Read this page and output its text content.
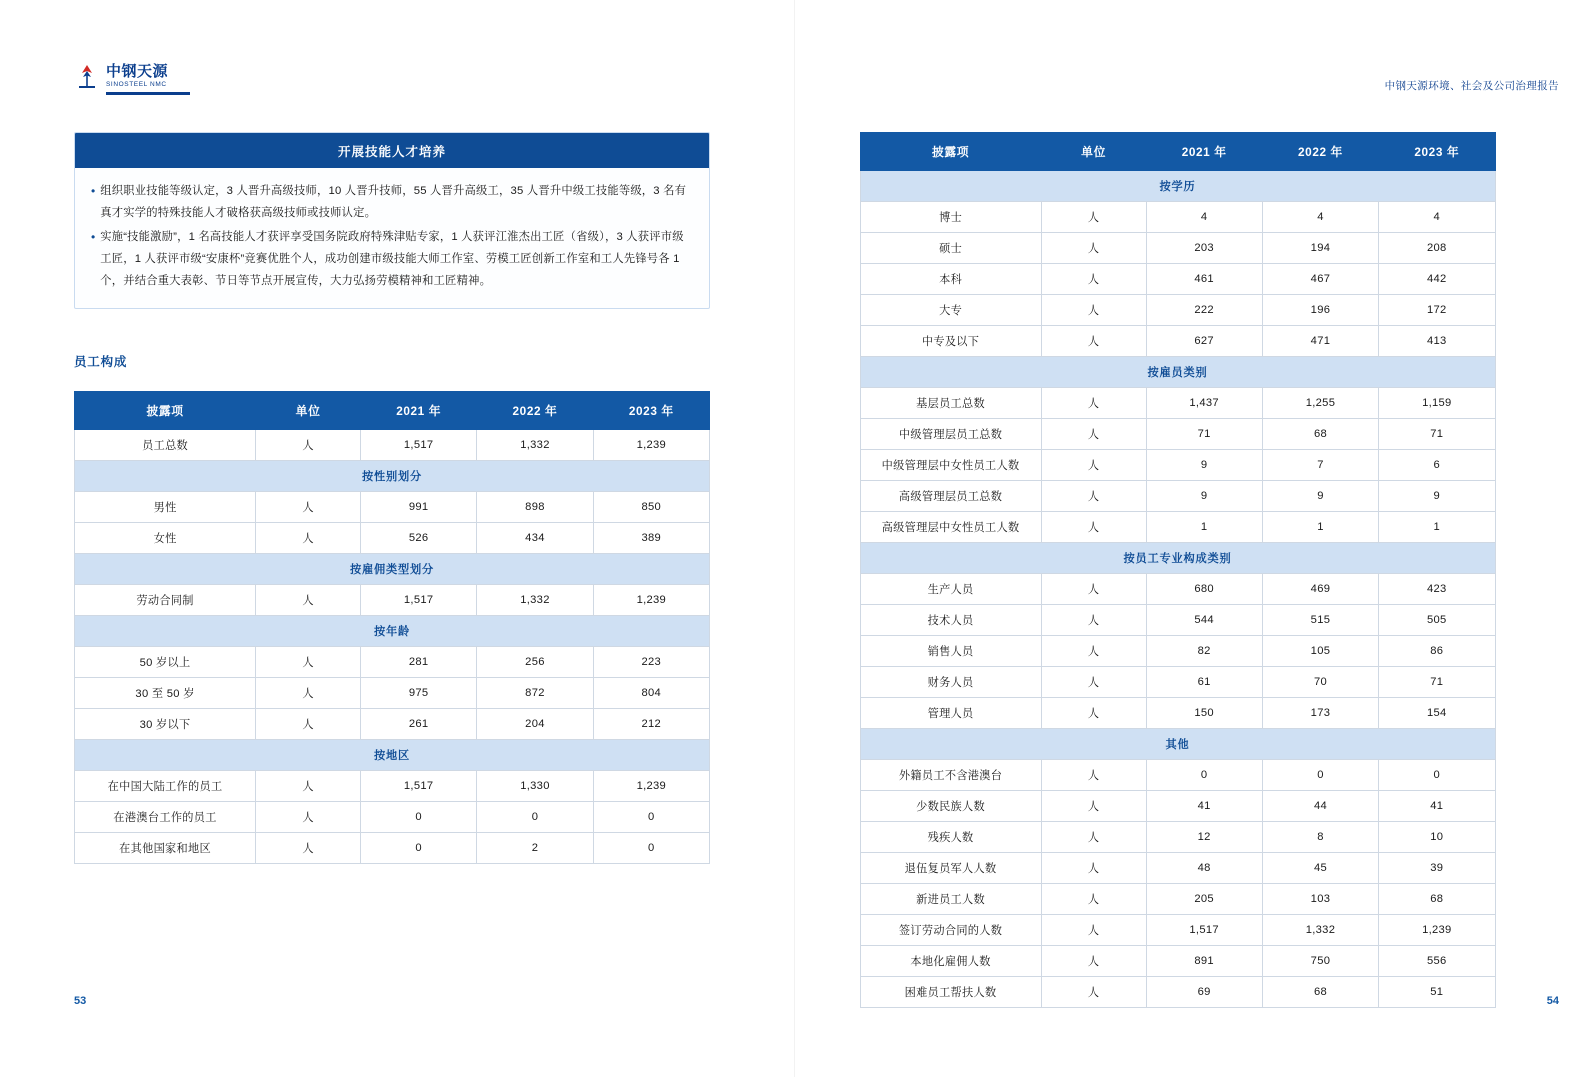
中钢天源
SINOSTEEL NMC
开展技能人才培养
• 组织职业技能等级认定，3 人晋升高级技师，10 人晋升技师，55 人晋升高级工，35 人晋升中级工技能等级，3 名有真才实学的特殊技能人才破格获高级技师或技师认定。
• 实施“技能激励”，1 名高技能人才获评享受国务院政府特殊津贴专家，1 人获评江淮杰出工匠（省级），3 人获评市级工匠，1 人获评市级“安康杯”竞赛优胜个人，成功创建市级技能大师工作室、劳模工匠创新工作室和工人先锋号各 1 个，并结合重大表彰、节日等节点开展宣传，大力弘扬劳模精神和工匠精神。
员工构成
披露项	单位	2021 年	2022 年	2023 年
员工总数	人	1,517	1,332	1,239
按性别划分				
男性	人	991	898	850
女性	人	526	434	389
按雇佣类型划分				
劳动合同制	人	1,517	1,332	1,239
按年龄				
50 岁以上	人	281	256	223
30 至 50 岁	人	975	872	804
30 岁以下	人	261	204	212
按地区				
在中国大陆工作的员工	人	1,517	1,330	1,239
在港澳台工作的员工	人	0	0	0
在其他国家和地区	人	0	2	0
53
中钢天源环境、社会及公司治理报告
披露项	单位	2021 年	2022 年	2023 年
按学历				
博士	人	4	4	4
硕士	人	203	194	208
本科	人	461	467	442
大专	人	222	196	172
中专及以下	人	627	471	413
按雇员类别				
基层员工总数	人	1,437	1,255	1,159
中级管理层员工总数	人	71	68	71
中级管理层中女性员工人数	人	9	7	6
高级管理层员工总数	人	9	9	9
高级管理层中女性员工人数	人	1	1	1
按员工专业构成类别				
生产人员	人	680	469	423
技术人员	人	544	515	505
销售人员	人	82	105	86
财务人员	人	61	70	71
管理人员	人	150	173	154
其他				
外籍员工不含港澳台	人	0	0	0
少数民族人数	人	41	44	41
残疾人数	人	12	8	10
退伍复员军人人数	人	48	45	39
新进员工人数	人	205	103	68
签订劳动合同的人数	人	1,517	1,332	1,239
本地化雇佣人数	人	891	750	556
困难员工帮扶人数	人	69	68	51
54
